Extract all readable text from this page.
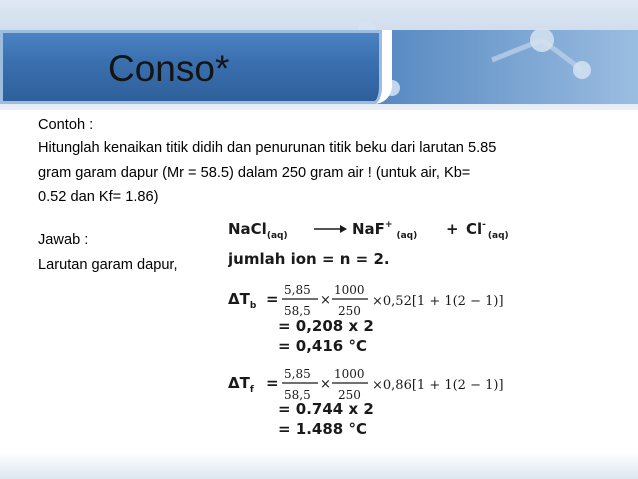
Conso*
Contoh :
Hitunglah kenaikan titik didih dan penurunan titik beku dari larutan 5.85
gram garam dapur (Mr = 58.5) dalam 250 gram air ! (untuk air, Kb=
0.52 dan Kf= 1.86)
Jawab :
Larutan garam dapur,
NaCl$_{(aq)}$	$NaF^+_{(aq)} + Cl^-_{(aq)}$
jumlah ion = n = 2.
$\Delta T_b = 5,85$
58,5
×
1000
250
×0,52[1 + 1(2 − 1)]
= 0,208 x 2
= 0,416 °C
$\Delta T_f = 5,85$
58,5
×
1000
250
×0,86[1 + 1(2 − 1)]
= 0.744 x 2
= 1.488 °C
